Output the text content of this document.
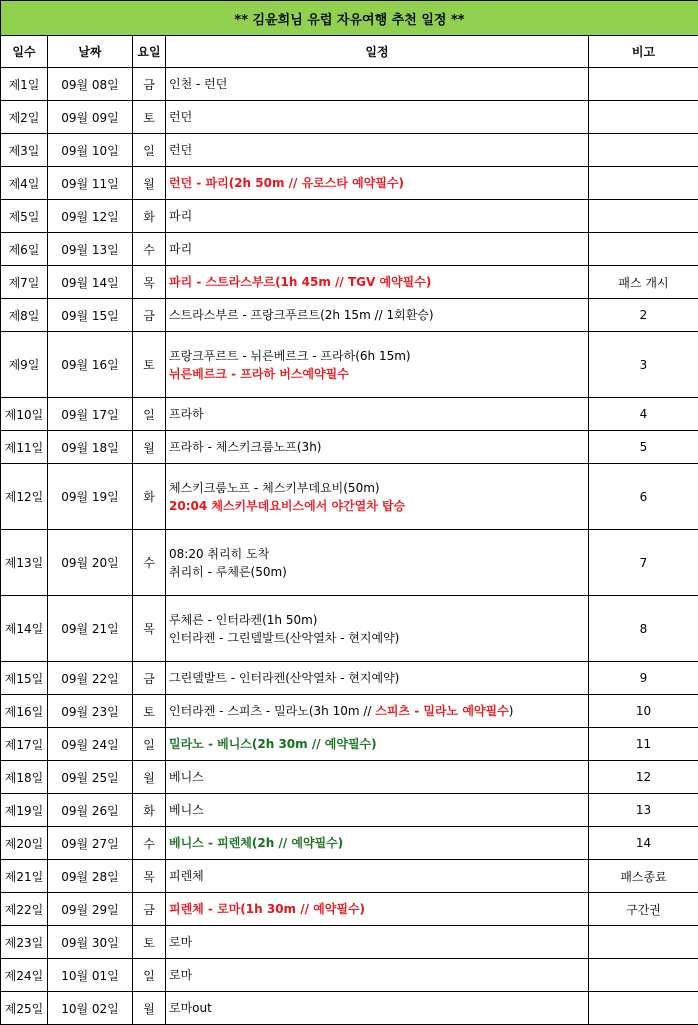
** 김윤희님 유럽 자유여행 추천 일정 **				
일수	날짜	요일	일정	비고
제1일	09월 08일	금	인천 - 런던	

제2일	09월 09일	토	런던	

제3일	09월 10일	일	런던	

제4일	09월 11일	월	런던 - 파리(2h 50m // 유로스타 예약필수)	

제5일	09월 12일	화	파리	

제6일	09월 13일	수	파리	

제7일	09월 14일	목	파리 - 스트라스부르(1h 45m // TGV 예약필수)	패스 개시
제8일	09월 15일	금	스트라스부르 - 프랑크푸르트(2h 15m // 1회환승)	2
제9일	09월 16일	토	프랑크푸르트 - 뉘른베르크 - 프라하(6h 15m)
뉘른베르크 - 프라하 버스예약필수	3
제10일	09월 17일	일	프라하	4
제11일	09월 18일	월	프라하 - 체스키크룸노프(3h)	5
제12일	09월 19일	화	체스키크룸노프 - 체스키부데요비(50m)
20:04 체스키부데요비스에서 야간열차 탑승	6
제13일	09월 20일	수	08:20 취리히 도착
취리히 - 루체른(50m)	7
제14일	09월 21일	목	루체른 - 인터라켄(1h 50m)
인터라켄 - 그린델발트(산악열차 - 현지예약)	8
제15일	09월 22일	금	그린델발트 - 인터라켄(산악열차 - 현지예약)	9
제16일	09월 23일	토	인터라켄 - 스피츠 - 밀라노(3h 10m // 스피츠 - 밀라노 예약필수)	10
제17일	09월 24일	일	밀라노 - 베니스(2h 30m // 예약필수)	11
제18일	09월 25일	월	베니스	12
제19일	09월 26일	화	베니스	13
제20일	09월 27일	수	베니스 - 피렌체(2h // 예약필수)	14
제21일	09월 28일	목	피렌체	패스종료
제22일	09월 29일	금	피렌체 - 로마(1h 30m // 예약필수)	구간권
제23일	09월 30일	토	로마	

제24일	10월 01일	일	로마	

제25일	10월 02일	월	로마out	
